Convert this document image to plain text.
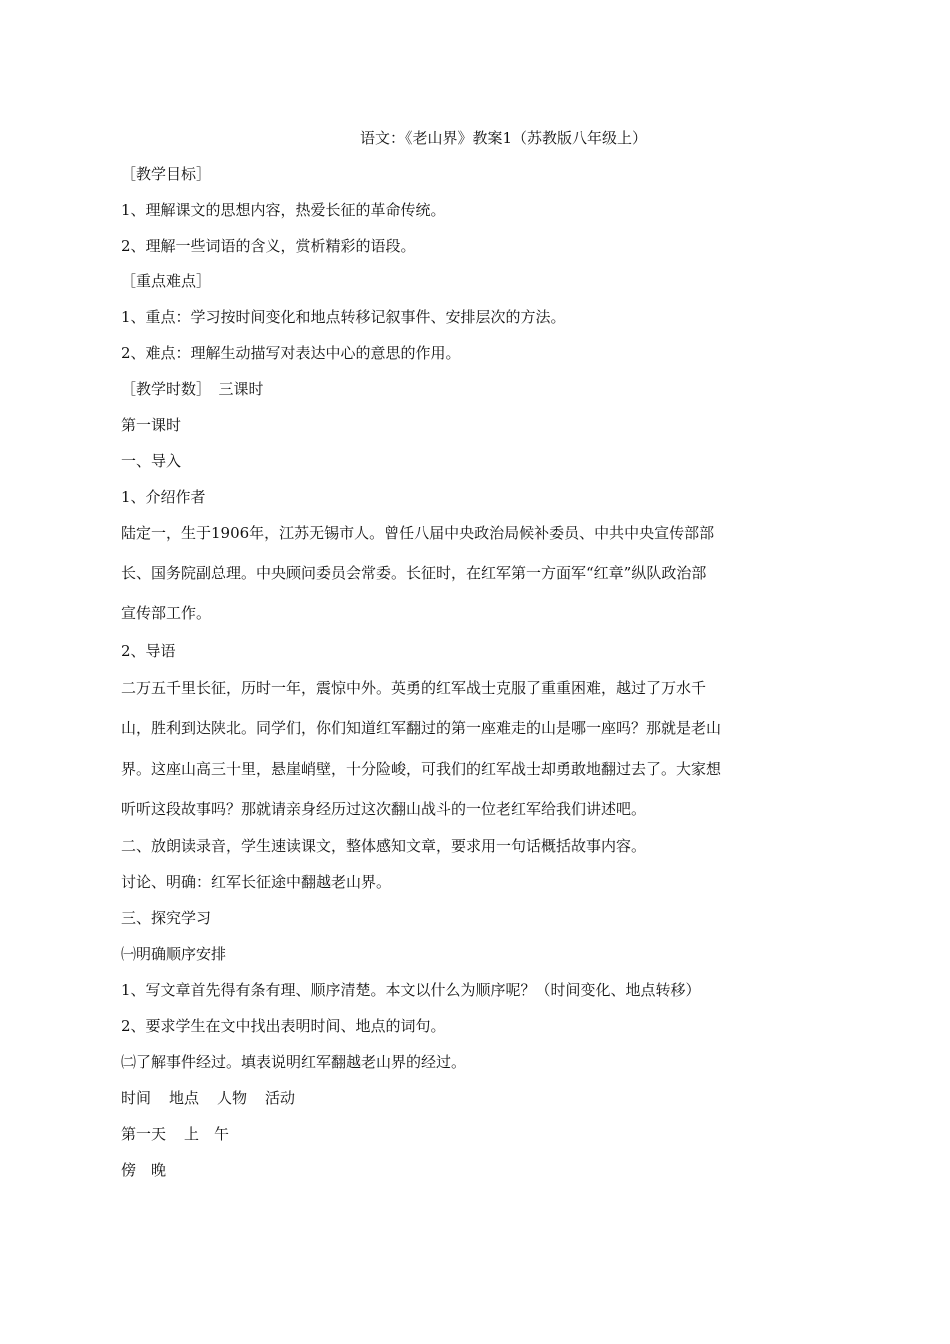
语文：《老山界》教案1（苏教版八年级上）
［教学目标］
1、理解课文的思想内容，热爱长征的革命传统。
2、理解一些词语的含义，赏析精彩的语段。
［重点难点］
1、重点：学习按时间变化和地点转移记叙事件、安排层次的方法。
2、难点：理解生动描写对表达中心的意思的作用。
［教学时数］　三课时
第一课时
一、导入
1、介绍作者
陆定一，生于1906年，江苏无锡市人。曾任八届中央政治局候补委员、中共中央宣传部部
长、国务院副总理。中央顾问委员会常委。长征时，在红军第一方面军“红章”纵队政治部
宣传部工作。
2、导语
二万五千里长征，历时一年，震惊中外。英勇的红军战士克服了重重困难，越过了万水千
山，胜利到达陕北。同学们，你们知道红军翻过的第一座难走的山是哪一座吗？那就是老山
界。这座山高三十里，悬崖峭壁，十分险峻，可我们的红军战士却勇敢地翻过去了。大家想
听听这段故事吗？那就请亲身经历过这次翻山战斗的一位老红军给我们讲述吧。
二、放朗读录音，学生速读课文，整体感知文章，要求用一句话概括故事内容。
讨论、明确：红军长征途中翻越老山界。
三、探究学习
㈠明确顺序安排
1、写文章首先得有条有理、顺序清楚。本文以什么为顺序呢？（时间变化、地点转移）
2、要求学生在文中找出表明时间、地点的词句。
㈡了解事件经过。填表说明红军翻越老山界的经过。
时间 地点 人物 活动
第一天 上　午
傍　晚
